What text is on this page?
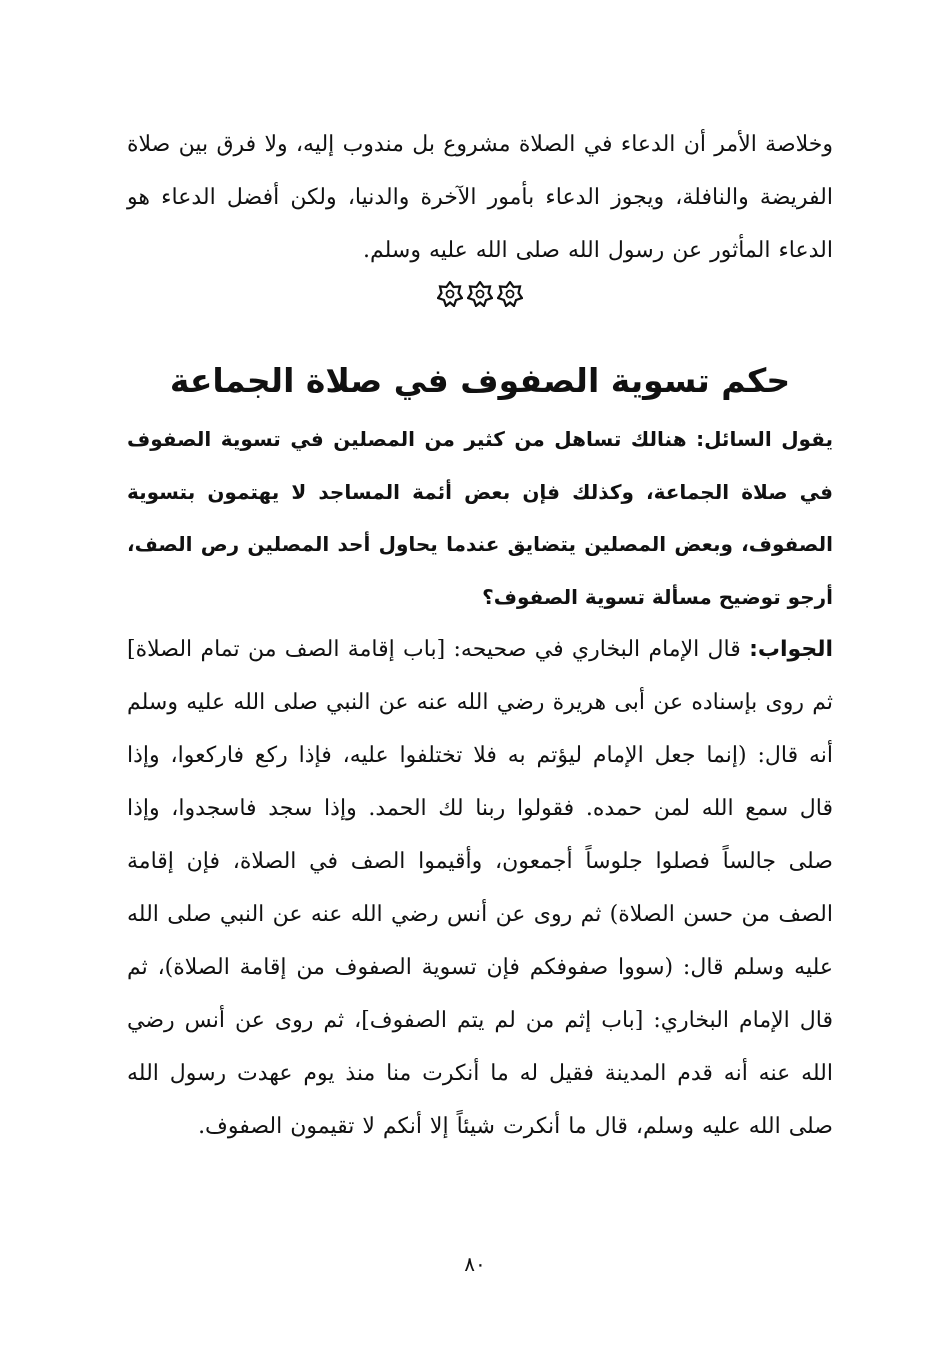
وخلاصة الأمر أن الدعاء في الصلاة مشروع بل مندوب إليه، ولا فرق بين صلاة الفريضة والنافلة، ويجوز الدعاء بأمور الآخرة والدنيا، ولكن أفضل الدعاء هو الدعاء المأثور عن رسول الله صلى الله عليه وسلم.

حكم تسوية الصفوف في صلاة الجماعة

يقول السائل: هنالك تساهل من كثير من المصلين في تسوية الصفوف في صلاة الجماعة، وكذلك فإن بعض أئمة المساجد لا يهتمون بتسوية الصفوف، وبعض المصلين يتضايق عندما يحاول أحد المصلين رص الصف، أرجو توضيح مسألة تسوية الصفوف؟

الجواب: قال الإمام البخاري في صحيحه: [باب إقامة الصف من تمام الصلاة] ثم روى بإسناده عن أبى هريرة رضي الله عنه عن النبي صلى الله عليه وسلم أنه قال: (إنما جعل الإمام ليؤتم به فلا تختلفوا عليه، فإذا ركع فاركعوا، وإذا قال سمع الله لمن حمده. فقولوا ربنا لك الحمد. وإذا سجد فاسجدوا، وإذا صلى جالساً فصلوا جلوساً أجمعون، وأقيموا الصف في الصلاة، فإن إقامة الصف من حسن الصلاة) ثم روى عن أنس رضي الله عنه عن النبي صلى الله عليه وسلم قال: (سووا صفوفكم فإن تسوية الصفوف من إقامة الصلاة)، ثم قال الإمام البخاري: [باب إثم من لم يتم الصفوف]، ثم روى عن أنس رضي الله عنه أنه قدم المدينة فقيل له ما أنكرت منا منذ يوم عهدت رسول الله صلى الله عليه وسلم، قال ما أنكرت شيئاً إلا أنكم لا تقيمون الصفوف.

٨٠
